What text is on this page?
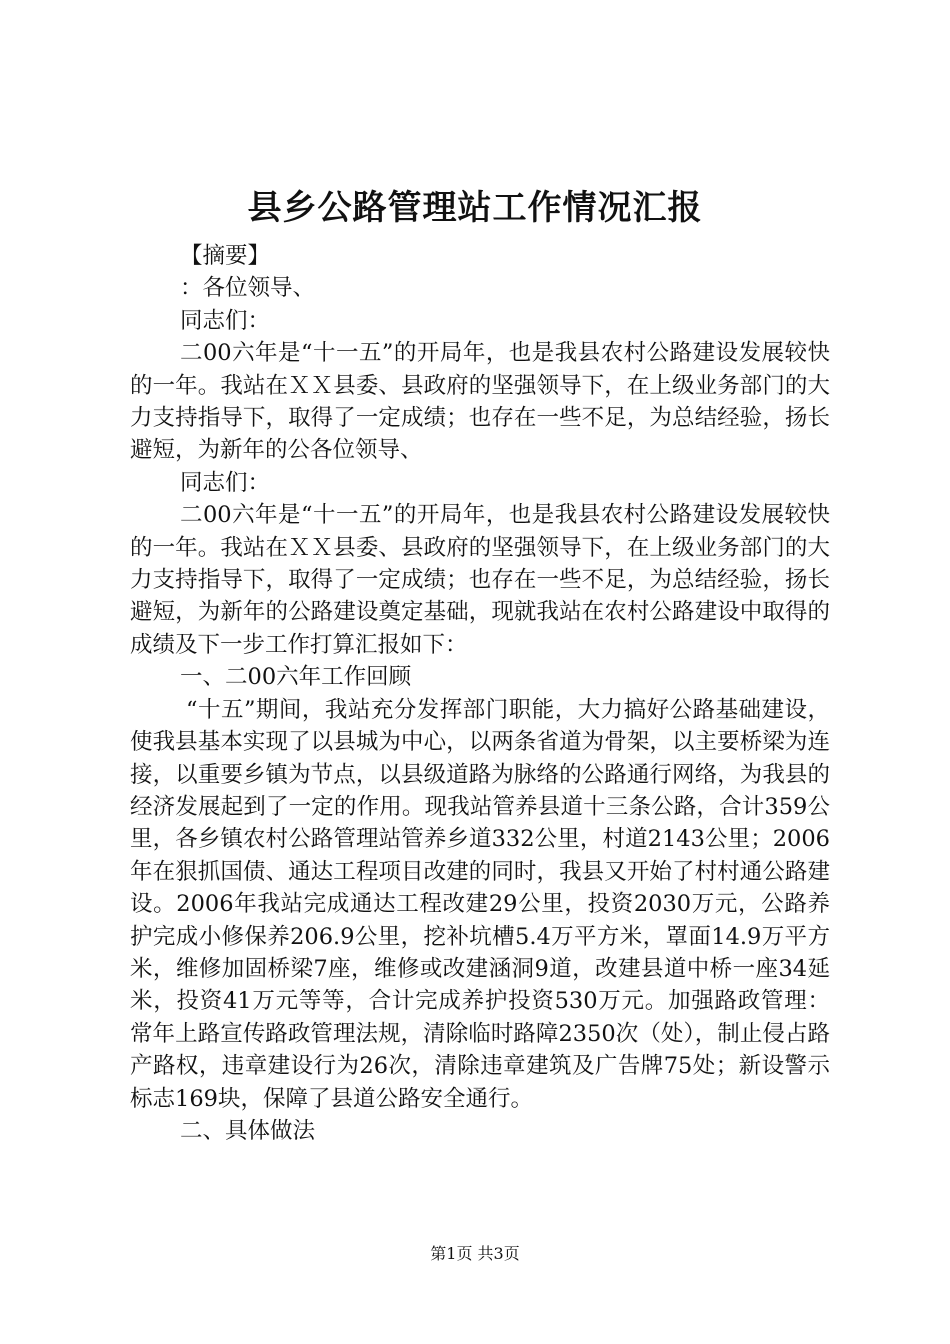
县乡公路管理站工作情况汇报

【摘要】

：各位领导、

同志们：

二00六年是“十一五”的开局年，也是我县农村公路建设发展较快的一年。我站在ＸＸ县委、县政府的坚强领导下，在上级业务部门的大力支持指导下，取得了一定成绩；也存在一些不足，为总结经验，扬长避短，为新年的公各位领导、

同志们：

二00六年是“十一五”的开局年，也是我县农村公路建设发展较快的一年。我站在ＸＸ县委、县政府的坚强领导下，在上级业务部门的大力支持指导下，取得了一定成绩；也存在一些不足，为总结经验，扬长避短，为新年的公路建设奠定基础，现就我站在农村公路建设中取得的成绩及下一步工作打算汇报如下：

一、二00六年工作回顾

“十五”期间，我站充分发挥部门职能，大力搞好公路基础建设，使我县基本实现了以县城为中心，以两条省道为骨架，以主要桥梁为连接，以重要乡镇为节点，以县级道路为脉络的公路通行网络，为我县的经济发展起到了一定的作用。现我站管养县道十三条公路，合计359公里，各乡镇农村公路管理站管养乡道332公里，村道2143公里；2006年在狠抓国债、通达工程项目改建的同时，我县又开始了村村通公路建设。2006年我站完成通达工程改建29公里，投资2030万元，公路养护完成小修保养206.9公里，挖补坑槽5.4万平方米，罩面14.9万平方米，维修加固桥梁7座，维修或改建涵洞9道，改建县道中桥一座34延米，投资41万元等等，合计完成养护投资530万元。加强路政管理：常年上路宣传路政管理法规，清除临时路障2350次（处），制止侵占路产路权，违章建设行为26次，清除违章建筑及广告牌75处；新设警示标志169块，保障了县道公路安全通行。

二、具体做法

第1页 共3页
